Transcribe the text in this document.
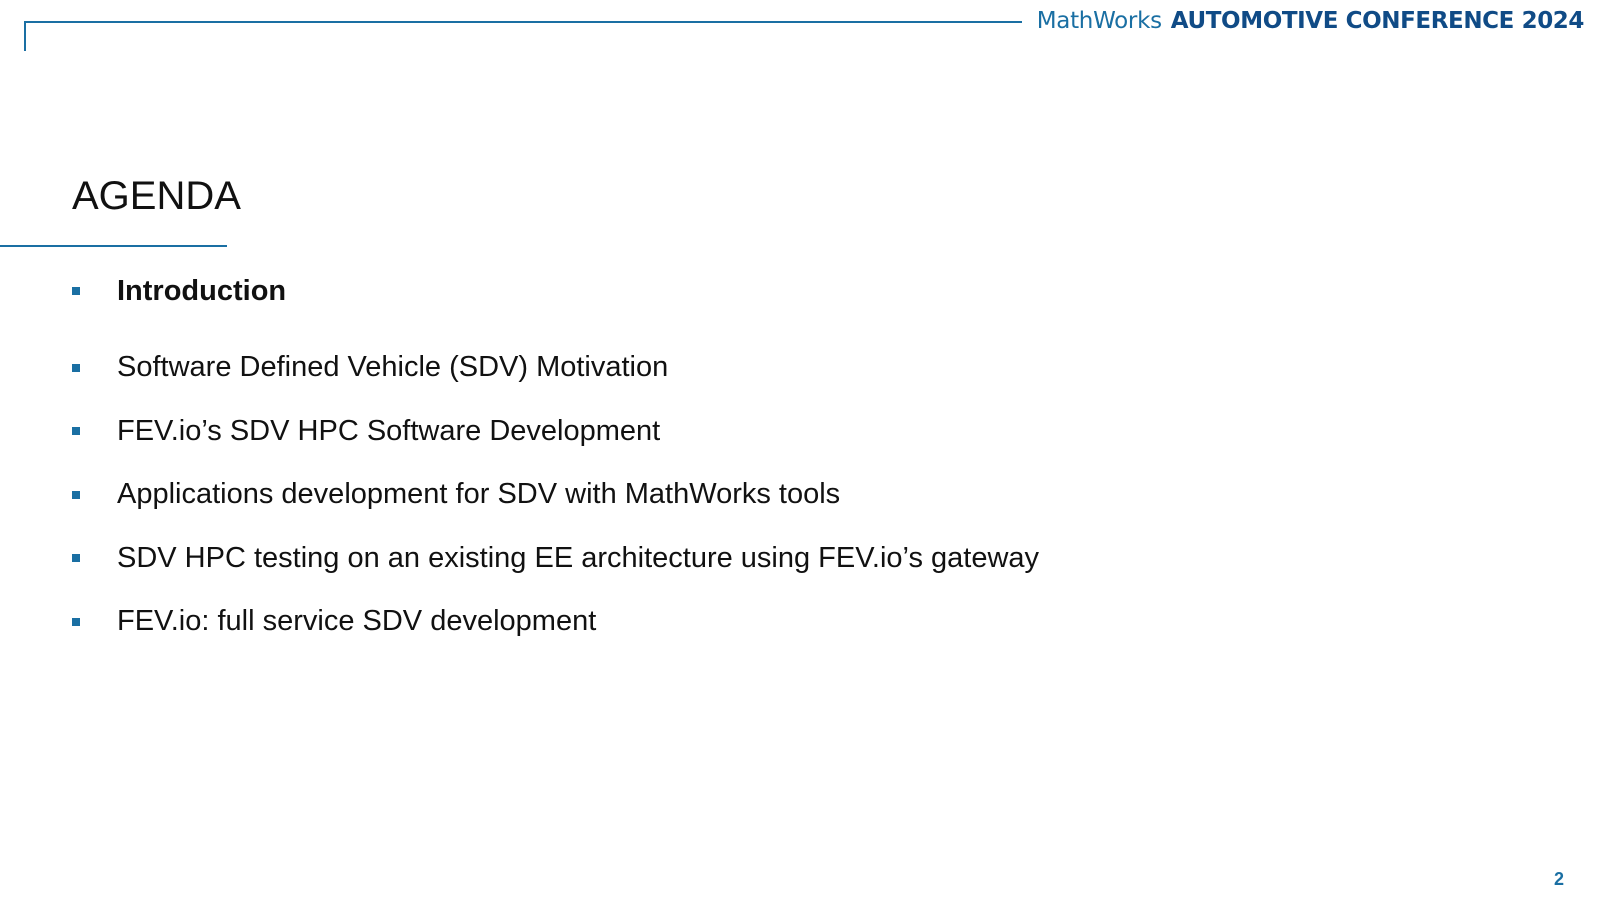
MathWorks AUTOMOTIVE CONFERENCE 2024
AGENDA
Introduction
Software Defined Vehicle (SDV) Motivation
FEV.io’s SDV HPC Software Development
Applications development for SDV with MathWorks tools
SDV HPC testing on an existing EE architecture using FEV.io’s gateway
FEV.io: full service SDV development
2
